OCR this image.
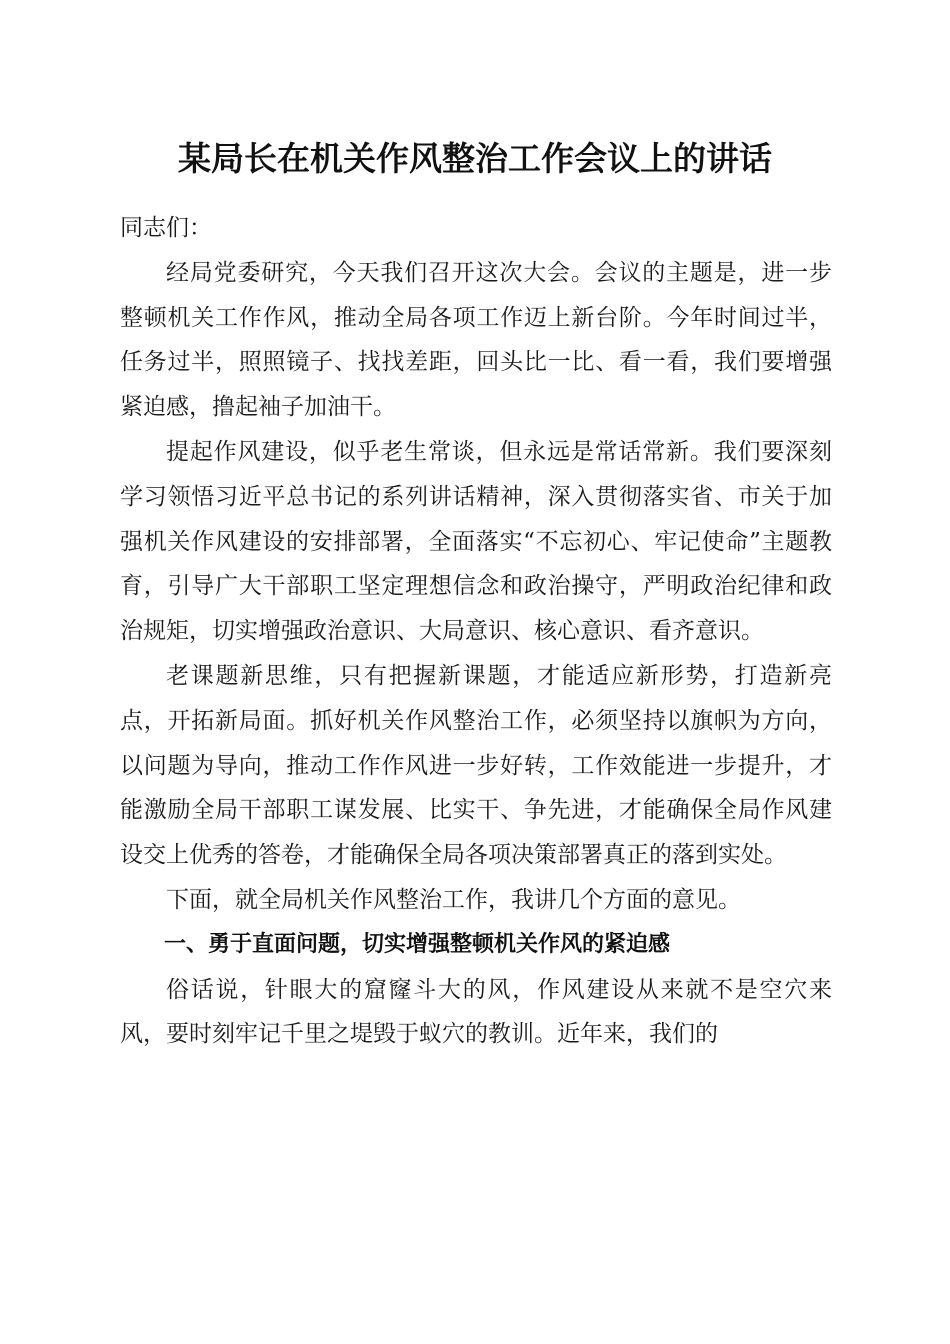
某局长在机关作风整治工作会议上的讲话

同志们：

经局党委研究，今天我们召开这次大会。会议的主题是，进一步整顿机关工作作风，推动全局各项工作迈上新台阶。今年时间过半，任务过半，照照镜子、找找差距，回头比一比、看一看，我们要增强紧迫感，撸起袖子加油干。

提起作风建设，似乎老生常谈，但永远是常话常新。我们要深刻学习领悟习近平总书记的系列讲话精神，深入贯彻落实省、市关于加强机关作风建设的安排部署，全面落实“不忘初心、牢记使命”主题教育，引导广大干部职工坚定理想信念和政治操守，严明政治纪律和政治规矩，切实增强政治意识、大局意识、核心意识、看齐意识。

老课题新思维，只有把握新课题，才能适应新形势，打造新亮点，开拓新局面。抓好机关作风整治工作，必须坚持以旗帜为方向，以问题为导向，推动工作作风进一步好转，工作效能进一步提升，才能激励全局干部职工谋发展、比实干、争先进，才能确保全局作风建设交上优秀的答卷，才能确保全局各项决策部署真正的落到实处。

下面，就全局机关作风整治工作，我讲几个方面的意见。

一、勇于直面问题，切实增强整顿机关作风的紧迫感

俗话说，针眼大的窟窿斗大的风，作风建设从来就不是空穴来风，要时刻牢记千里之堤毁于蚁穴的教训。近年来，我们的
